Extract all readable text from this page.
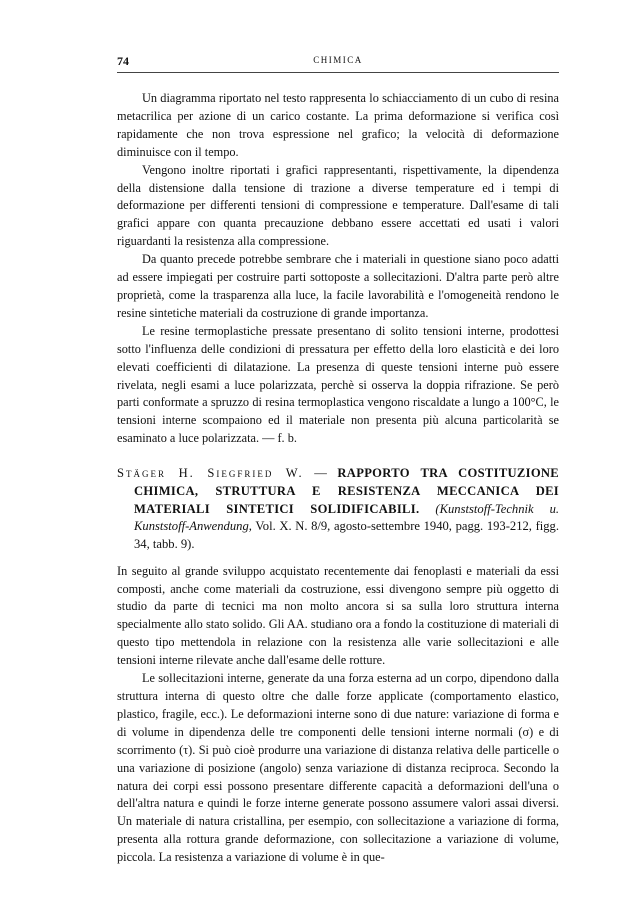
74	CHIMICA

Un diagramma riportato nel testo rappresenta lo schiacciamento di un cubo di resina metacrilica per azione di un carico costante. La prima deformazione si verifica così rapidamente che non trova espressione nel grafico; la velocità di deformazione diminuisce con il tempo.

Vengono inoltre riportati i grafici rappresentanti, rispettivamente, la dipendenza della distensione dalla tensione di trazione a diverse temperature ed i tempi di deformazione per differenti tensioni di compressione e temperature. Dall'esame di tali grafici appare con quanta precauzione debbano essere accettati ed usati i valori riguardanti la resistenza alla compressione.

Da quanto precede potrebbe sembrare che i materiali in questione siano poco adatti ad essere impiegati per costruire parti sottoposte a sollecitazioni. D'altra parte però altre proprietà, come la trasparenza alla luce, la facile lavorabilità e l'omogeneità rendono le resine sintetiche materiali da costruzione di grande importanza.

Le resine termoplastiche pressate presentano di solito tensioni interne, prodottesi sotto l'influenza delle condizioni di pressatura per effetto della loro elasticità e dei loro elevati coefficienti di dilatazione. La presenza di queste tensioni interne può essere rivelata, negli esami a luce polarizzata, perchè si osserva la doppia rifrazione. Se però parti conformate a spruzzo di resina termoplastica vengono riscaldate a lungo a 100°C, le tensioni interne scompaiono ed il materiale non presenta più alcuna particolarità se esaminato a luce polarizzata. — f. b.

Stäger H. Siegfried W. — RAPPORTO TRA COSTITUZIONE CHIMICA, STRUTTURA E RESISTENZA MECCANICA DEI MATERIALI SINTETICI SOLIDIFICABILI. (Kunststoff-Technik u. Kunststoff-Anwendung, Vol. X. N. 8/9, agosto-settembre 1940, pagg. 193-212, figg. 34, tabb. 9).

In seguito al grande sviluppo acquistato recentemente dai fenoplasti e materiali da essi composti, anche come materiali da costruzione, essi divengono sempre più oggetto di studio da parte di tecnici ma non molto ancora si sa sulla loro struttura interna specialmente allo stato solido. Gli AA. studiano ora a fondo la costituzione di materiali di questo tipo mettendola in relazione con la resistenza alle varie sollecitazioni e alle tensioni interne rilevate anche dall'esame delle rotture.

Le sollecitazioni interne, generate da una forza esterna ad un corpo, dipendono dalla struttura interna di questo oltre che dalle forze applicate (comportamento elastico, plastico, fragile, ecc.). Le deformazioni interne sono di due nature: variazione di forma e di volume in dipendenza delle tre componenti delle tensioni interne normali (σ) e di scorrimento (τ). Si può cioè produrre una variazione di distanza relativa delle particelle o una variazione di posizione (angolo) senza variazione di distanza reciproca. Secondo la natura dei corpi essi possono presentare differente capacità a deformazioni dell'una o dell'altra natura e quindi le forze interne generate possono assumere valori assai diversi. Un materiale di natura cristallina, per esempio, con sollecitazione a variazione di forma, presenta alla rottura grande deformazione, con sollecitazione a variazione di volume, piccola. La resistenza a variazione di volume è in que-
